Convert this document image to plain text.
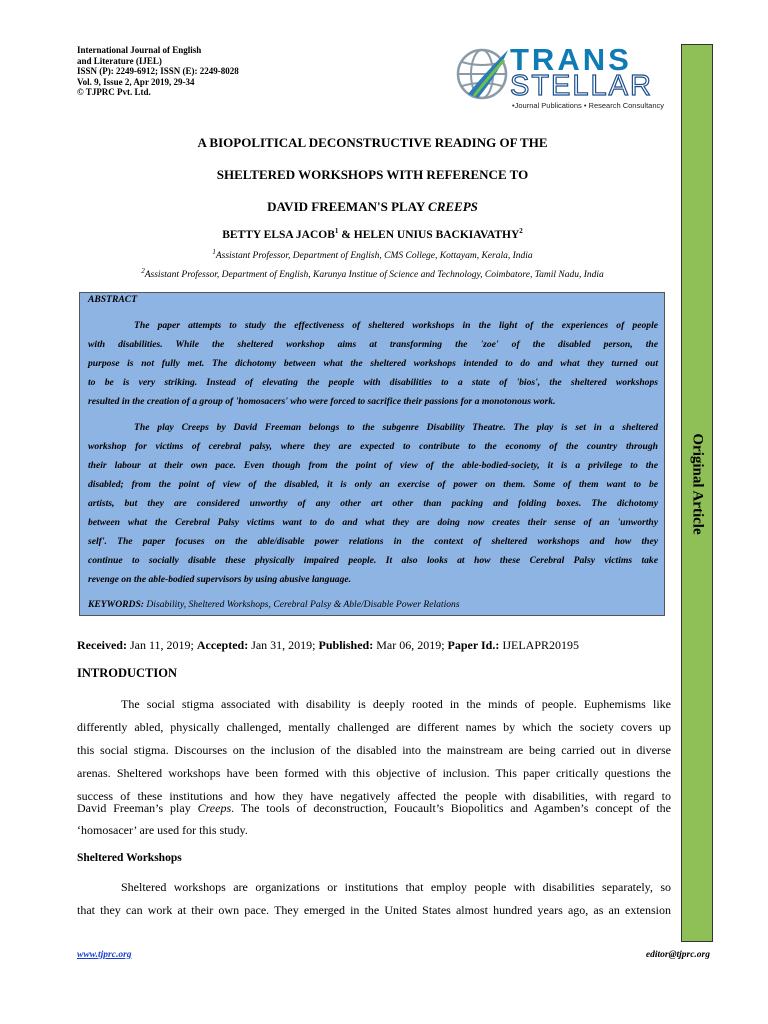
International Journal of English
and Literature (IJEL)
ISSN (P): 2249-6912; ISSN (E): 2249-8028
Vol. 9, Issue 2, Apr 2019, 29-34
© TJPRC Pvt. Ltd.
TRANS
STELLAR
•Journal Publications • Research Consultancy
Original Article
A BIOPOLITICAL DECONSTRUCTIVE READING OF THE
SHELTERED WORKSHOPS WITH REFERENCE TO
DAVID FREEMAN'S PLAY CREEPS
BETTY ELSA JACOB$^1$ & HELEN UNIUS BACKIAVATHY$^2$
$^1$Assistant Professor, Department of English, CMS College, Kottayam, Kerala, India
$^2$Assistant Professor, Department of English, Karunya Institue of Science and Technology, Coimbatore, Tamil Nadu, India
ABSTRACT
The paper attempts to study the effectiveness of sheltered workshops in the light of the experiences of people
with disabilities. While the sheltered workshop aims at transforming the 'zoe' of the disabled person, the
purpose is not fully met. The dichotomy between what the sheltered workshops intended to do and what they turned out
to be is very striking. Instead of elevating the people with disabilities to a state of 'bios', the sheltered workshops
resulted in the creation of a group of 'homosacers' who were forced to sacrifice their passions for a monotonous work.
The play Creeps by David Freeman belongs to the subgenre Disability Theatre. The play is set in a sheltered
workshop for victims of cerebral palsy, where they are expected to contribute to the economy of the country through
their labour at their own pace. Even though from the point of view of the able-bodied-society, it is a privilege to the
disabled; from the point of view of the disabled, it is only an exercise of power on them. Some of them want to be
artists, but they are considered unworthy of any other art other than packing and folding boxes. The dichotomy
between what the Cerebral Palsy victims want to do and what they are doing now creates their sense of an 'unworthy
self'. The paper focuses on the able/disable power relations in the context of sheltered workshops and how they
continue to socially disable these physically impaired people. It also looks at how these Cerebral Palsy victims take
revenge on the able-bodied supervisors by using abusive language.
KEYWORDS: Disability, Sheltered Workshops, Cerebral Palsy & Able/Disable Power Relations
Received: Jan 11, 2019; Accepted: Jan 31, 2019; Published: Mar 06, 2019; Paper Id.: IJELAPR20195
INTRODUCTION
The social stigma associated with disability is deeply rooted in the minds of people. Euphemisms like
differently abled, physically challenged, mentally challenged are different names by which the society covers up
this social stigma. Discourses on the inclusion of the disabled into the mainstream are being carried out in diverse
arenas. Sheltered workshops have been formed with this objective of inclusion. This paper critically questions the
success of these institutions and how they have negatively affected the people with disabilities, with regard to
David Freeman’s play Creeps. The tools of deconstruction, Foucault’s Biopolitics and Agamben’s concept of the
‘homosacer’ are used for this study.
Sheltered Workshops
Sheltered workshops are organizations or institutions that employ people with disabilities separately, so
that they can work at their own pace. They emerged in the United States almost hundred years ago, as an extension
www.tjprc.org	editor@tjprc.org
